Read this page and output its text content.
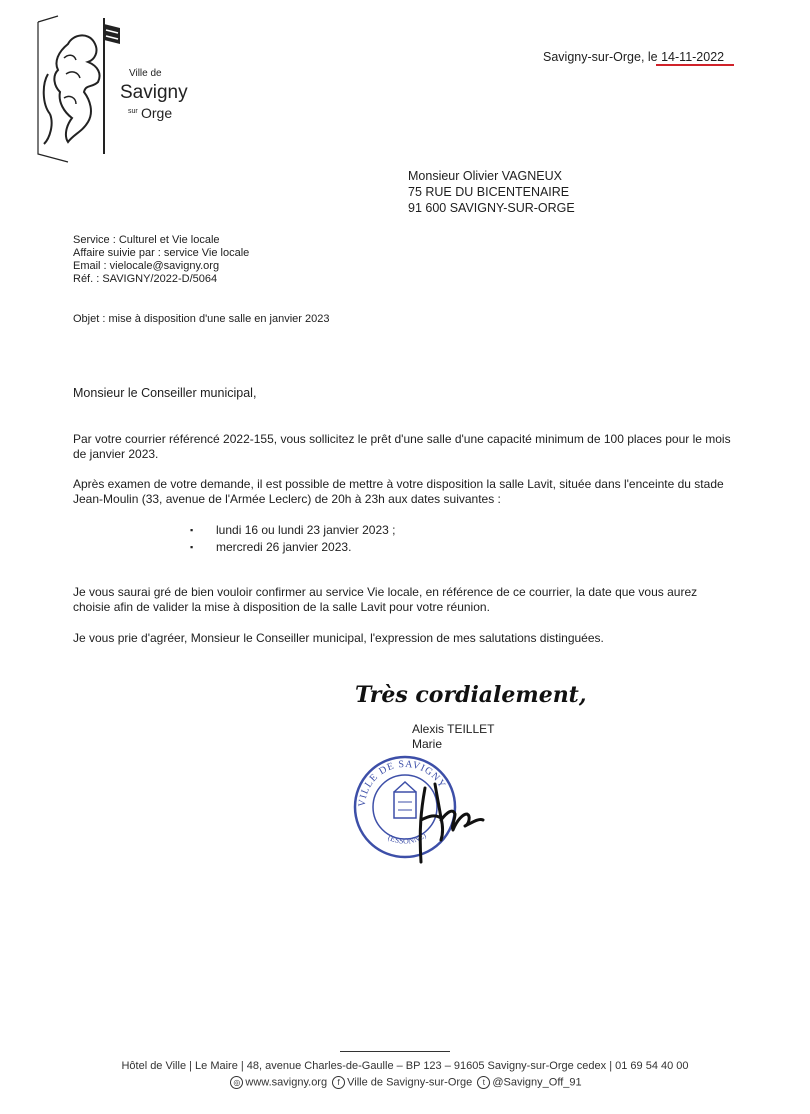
Ville de
Savigny
sur Orge
Savigny-sur-Orge, le 14-11-2022
Monsieur Olivier VAGNEUX
75 RUE DU BICENTENAIRE
91 600 SAVIGNY-SUR-ORGE
Service : Culturel et Vie locale
Affaire suivie par : service Vie locale
Email : vielocale@savigny.org
Réf. : SAVIGNY/2022-D/5064
Objet : mise à disposition d'une salle en janvier 2023
Monsieur le Conseiller municipal,
Par votre courrier référencé 2022-155, vous sollicitez le prêt d'une salle d'une capacité minimum de 100 places pour le mois de janvier 2023.
Après examen de votre demande, il est possible de mettre à votre disposition la salle Lavit, située dans l'enceinte du stade Jean-Moulin (33, avenue de l'Armée Leclerc) de 20h à 23h aux dates suivantes :
▪ lundi 16 ou lundi 23 janvier 2023 ;
▪ mercredi 26 janvier 2023.
Je vous saurai gré de bien vouloir confirmer au service Vie locale, en référence de ce courrier, la date que vous aurez choisie afin de valider la mise à disposition de la salle Lavit pour votre réunion.
Je vous prie d'agréer, Monsieur le Conseiller municipal, l'expression de mes salutations distinguées.
Très cordialement,
Alexis TEILLET
Marie
VILLE DE SAVIGNY
(ESSONNE)
Hôtel de Ville | Le Maire | 48, avenue Charles-de-Gaulle – BP 123 – 91605 Savigny-sur-Orge cedex | 01 69 54 40 00
◎ www.savigny.org f Ville de Savigny-sur-Orge t @Savigny_Off_91
